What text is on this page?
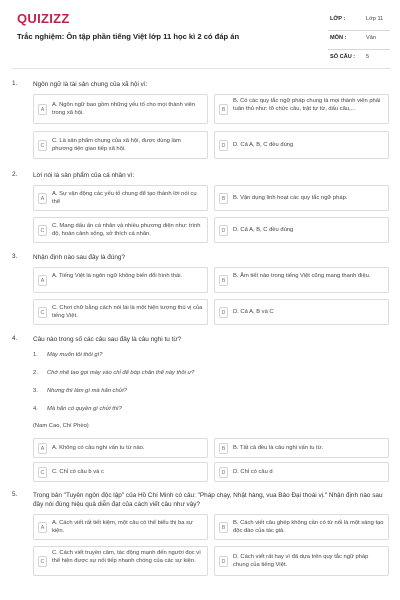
QUIZIZZ
Trắc nghiệm: Ôn tập phần tiếng Việt lớp 11 học kì 2 có đáp án
LỚP :	Lớp 11
MÔN :	Văn
SỐ CÂU : 5
1. Ngôn ngữ là tài sản chung của xã hội vì:
A
A. Ngôn ngữ bao gồm những yếu tố cho mọi thành viên trong xã hội.	B
B. Có các quy tắc ngữ pháp chung là mọi thành viên phải tuân thủ như: tổ chức câu, trật tự từ, dấu câu,...
C
C. Là sản phẩm chung của xã hội, được dùng làm phương tiện giao tiếp xã hội.	D	D. Cả A, B, C đều đúng
2. Lời nói là sản phẩm của cá nhân vì:
A
A. Sự vận động các yếu tố chung để tạo thành lời nói cụ thể	B	B. Vận dụng linh hoạt các quy tắc ngữ pháp.
C
C. Mang dấu ấn cá nhân và nhiều phương diện như: trình độ, hoàn cảnh sống, sở thích cá nhân.	D	D. Cả A, B, C đều đúng
3. Nhận định nào sau đây là đúng?
A
A. Tiếng Việt là ngôn ngữ không biến đổi hình thái.
B
B. Âm tiết nào trong tiếng Việt cũng mang thanh điệu.
C
C. Chơi chữ bằng cách nói lái là một hiện tượng thú vị của tiếng Việt.	D	D. Cả A, B và C
4. Câu nào trong số các câu sau đây là câu nghi tu từ?
1. Mày muốn tôi thôi gì?
2. Chớ nhẽ tao gọi mày vào chỉ để bóp chân thế này thôi ư?
3. Nhưng thì làm gì mà hắn chửi?
4. Mà hắn có quyền gì chửi thì?
(Nam Cao, Chí Phèo)
A	A. Không có câu nghi vấn tu từ nào.	B	B. Tất cả đều là câu nghi vấn tu từ.
C	C. Chỉ có câu b và c	D	D. Chỉ có câu d
5. Trong bản "Tuyên ngôn độc lập" của Hồ Chí Minh có câu: "Pháp chạy, Nhật hàng, vua Bảo Đại thoái vị." Nhận định nào sau đây nói đúng hiệu quả diễn đạt của cách viết câu như vậy?
A
A. Cách viết rất tiết kiệm, một câu có thể biểu thị ba sự kiện.	B
B. Cách viết câu ghép không cần có từ nối là một sáng tạo độc đáo của tác giả.
C
C. Cách viết truyền cảm, tác động mạnh đến người đọc vì thể hiện được sự nối tiếp nhanh chóng của các sự kiện.	D
D. Cách viết rất hay vì đã dựa trên quy tắc ngữ pháp chung của tiếng Việt.
